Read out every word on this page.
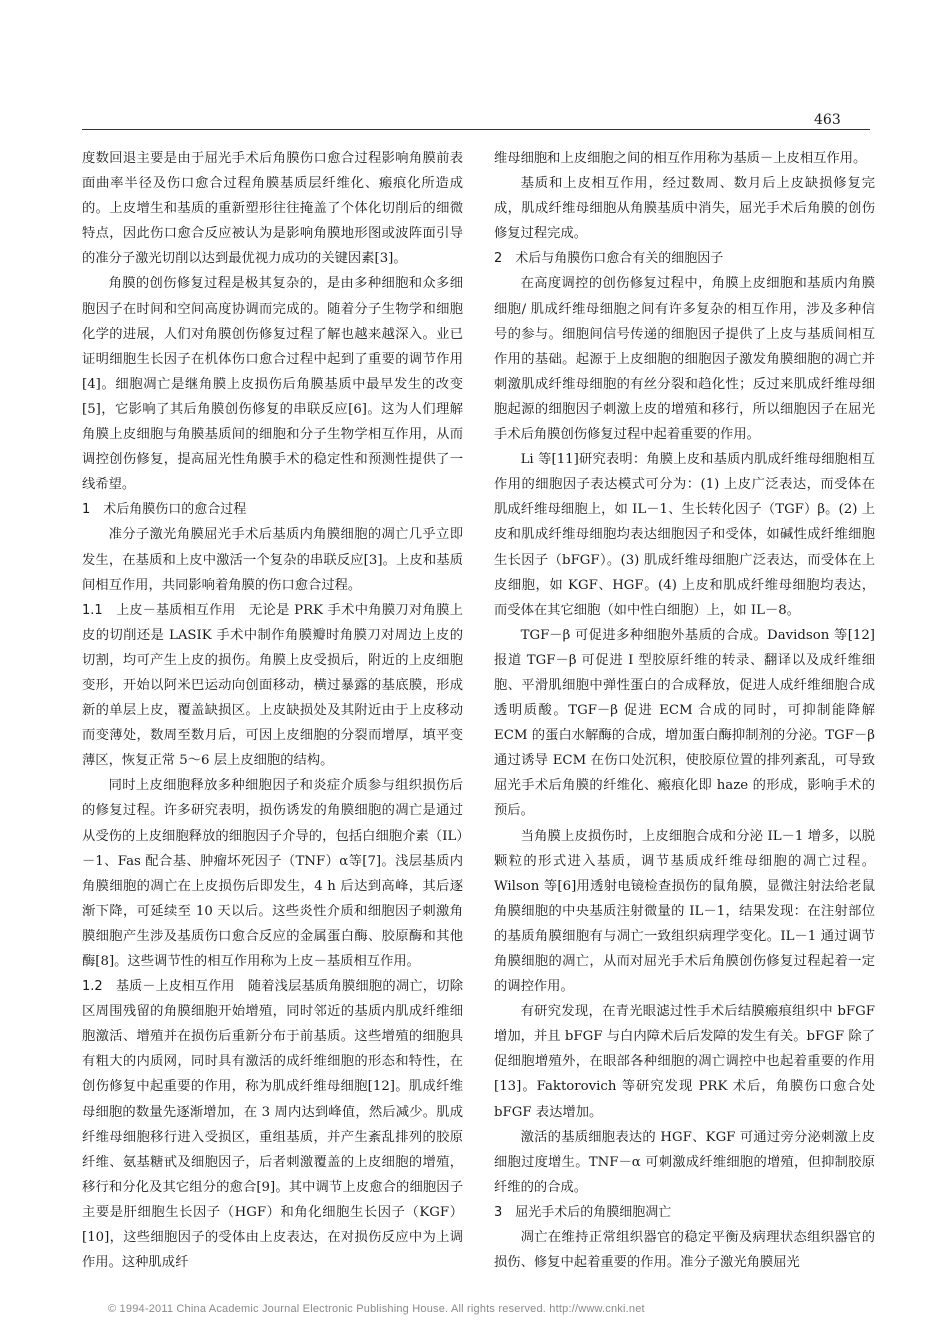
463

度数回退主要是由于屈光手术后角膜伤口愈合过程影响角膜前表面曲率半径及伤口愈合过程角膜基质层纤维化、瘢痕化所造成的。上皮增生和基质的重新塑形往往掩盖了个体化切削后的细微特点，因此伤口愈合反应被认为是影响角膜地形图或波阵面引导的准分子激光切削以达到最优视力成功的关键因素[3]。

角膜的创伤修复过程是极其复杂的，是由多种细胞和众多细胞因子在时间和空间高度协调而完成的。随着分子生物学和细胞化学的进展，人们对角膜创伤修复过程了解也越来越深入。业已证明细胞生长因子在机体伤口愈合过程中起到了重要的调节作用[4]。细胞凋亡是继角膜上皮损伤后角膜基质中最早发生的改变[5]，它影响了其后角膜创伤修复的串联反应[6]。这为人们理解角膜上皮细胞与角膜基质间的细胞和分子生物学相互作用，从而调控创伤修复，提高屈光性角膜手术的稳定性和预测性提供了一线希望。

1　术后角膜伤口的愈合过程

准分子激光角膜屈光手术后基质内角膜细胞的凋亡几乎立即发生，在基质和上皮中激活一个复杂的串联反应[3]。上皮和基质间相互作用，共同影响着角膜的伤口愈合过程。

1.1　上皮－基质相互作用　无论是 PRK 手术中角膜刀对角膜上皮的切削还是 LASIK 手术中制作角膜瓣时角膜刀对周边上皮的切割，均可产生上皮的损伤。角膜上皮受损后，附近的上皮细胞变形，开始以阿米巴运动向创面移动，横过暴露的基底膜，形成新的单层上皮，覆盖缺损区。上皮缺损处及其附近由于上皮移动而变薄处，数周至数月后，可因上皮细胞的分裂而增厚，填平变薄区，恢复正常 5～6 层上皮细胞的结构。

同时上皮细胞释放多种细胞因子和炎症介质参与组织损伤后的修复过程。许多研究表明，损伤诱发的角膜细胞的凋亡是通过从受伤的上皮细胞释放的细胞因子介导的，包括白细胞介素（IL）－1、Fas 配合基、肿瘤坏死因子（TNF）α等[7]。浅层基质内角膜细胞的凋亡在上皮损伤后即发生，4 h 后达到高峰，其后逐渐下降，可延续至 10 天以后。这些炎性介质和细胞因子刺激角膜细胞产生涉及基质伤口愈合反应的金属蛋白酶、胶原酶和其他酶[8]。这些调节性的相互作用称为上皮－基质相互作用。

1.2　基质－上皮相互作用　随着浅层基质角膜细胞的凋亡，切除区周围残留的角膜细胞开始增殖，同时邻近的基质内肌成纤维细胞激活、增殖并在损伤后重新分布于前基质。这些增殖的细胞具有粗大的内质网，同时具有激活的成纤维细胞的形态和特性，在创伤修复中起重要的作用，称为肌成纤维母细胞[12]。肌成纤维母细胞的数量先逐渐增加，在 3 周内达到峰值，然后减少。肌成纤维母细胞移行进入受损区，重组基质，并产生紊乱排列的胶原纤维、氨基糖甙及细胞因子，后者刺激覆盖的上皮细胞的增殖，移行和分化及其它组分的愈合[9]。其中调节上皮愈合的细胞因子主要是肝细胞生长因子（HGF）和角化细胞生长因子（KGF）[10]，这些细胞因子的受体由上皮表达，在对损伤反应中为上调作用。这种肌成纤

维母细胞和上皮细胞之间的相互作用称为基质－上皮相互作用。

基质和上皮相互作用，经过数周、数月后上皮缺损修复完成，肌成纤维母细胞从角膜基质中消失，屈光手术后角膜的创伤修复过程完成。

2　术后与角膜伤口愈合有关的细胞因子

在高度调控的创伤修复过程中，角膜上皮细胞和基质内角膜细胞/ 肌成纤维母细胞之间有许多复杂的相互作用，涉及多种信号的参与。细胞间信号传递的细胞因子提供了上皮与基质间相互作用的基础。起源于上皮细胞的细胞因子激发角膜细胞的凋亡并刺激肌成纤维母细胞的有丝分裂和趋化性；反过来肌成纤维母细胞起源的细胞因子刺激上皮的增殖和移行，所以细胞因子在屈光手术后角膜创伤修复过程中起着重要的作用。

Li 等[11]研究表明：角膜上皮和基质内肌成纤维母细胞相互作用的细胞因子表达模式可分为：(1) 上皮广泛表达，而受体在肌成纤维母细胞上，如 IL－1、生长转化因子（TGF）β。(2) 上皮和肌成纤维母细胞均表达细胞因子和受体，如碱性成纤维细胞生长因子（bFGF）。(3) 肌成纤维母细胞广泛表达，而受体在上皮细胞，如 KGF、HGF。(4) 上皮和肌成纤维母细胞均表达，而受体在其它细胞（如中性白细胞）上，如 IL－8。

TGF－β 可促进多种细胞外基质的合成。Davidson 等[12]报道 TGF－β 可促进 I 型胶原纤维的转录、翻译以及成纤维细胞、平滑肌细胞中弹性蛋白的合成释放，促进人成纤维细胞合成透明质酸。TGF－β 促进 ECM 合成的同时，可抑制能降解 ECM 的蛋白水解酶的合成，增加蛋白酶抑制剂的分泌。TGF－β 通过诱导 ECM 在伤口处沉积，使胶原位置的排列紊乱，可导致屈光手术后角膜的纤维化、瘢痕化即 haze 的形成，影响手术的预后。

当角膜上皮损伤时，上皮细胞合成和分泌 IL－1 增多，以脱颗粒的形式进入基质，调节基质成纤维母细胞的凋亡过程。Wilson 等[6]用透射电镜检查损伤的鼠角膜，显微注射法给老鼠角膜细胞的中央基质注射微量的 IL－1，结果发现：在注射部位的基质角膜细胞有与凋亡一致组织病理学变化。IL－1 通过调节角膜细胞的凋亡，从而对屈光手术后角膜创伤修复过程起着一定的调控作用。

有研究发现，在青光眼滤过性手术后结膜瘢痕组织中 bFGF 增加，并且 bFGF 与白内障术后后发障的发生有关。bFGF 除了促细胞增殖外，在眼部各种细胞的凋亡调控中也起着重要的作用[13]。Faktorovich 等研究发现 PRK 术后，角膜伤口愈合处 bFGF 表达增加。

激活的基质细胞表达的 HGF、KGF 可通过旁分泌刺激上皮细胞过度增生。TNF－α 可刺激成纤维细胞的增殖，但抑制胶原纤维的的合成。

3　屈光手术后的角膜细胞凋亡

凋亡在维持正常组织器官的稳定平衡及病理状态组织器官的损伤、修复中起着重要的作用。准分子激光角膜屈光

© 1994-2011 China Academic Journal Electronic Publishing House. All rights reserved. http://www.cnki.net
